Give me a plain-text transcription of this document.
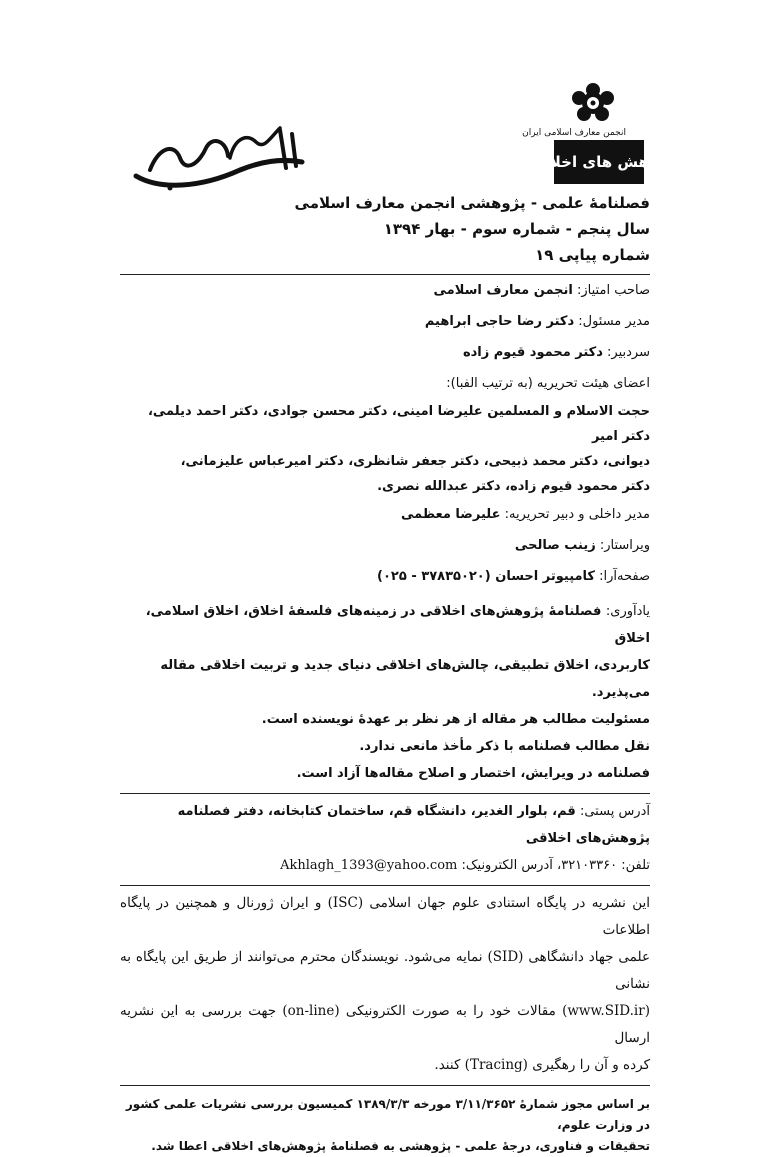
انجمن معارف اسلامی ایران
پژوهش های اخلاقی
بسم الله
فصلنامهٔ علمی - پژوهشی انجمن معارف اسلامی
سال پنجم - شماره سوم - بهار ۱۳۹۴
شماره پیاپی ۱۹
صاحب امتیاز: انجمن معارف اسلامی
مدیر مسئول: دکتر رضا حاجی ابراهیم
سردبیر: دکتر محمود قیوم زاده
اعضای هیئت تحریریه (به ترتیب الفبا):
حجت الاسلام و المسلمین علیرضا امینی، دکتر محسن جوادی، دکتر احمد دیلمی، دکتر امیر
دیوانی، دکتر محمد ذبیحی، دکتر جعفر شانظری، دکتر امیرعباس علیزمانی،
دکتر محمود قیوم زاده، دکتر عبدالله نصری.
مدیر داخلی و دبیر تحریریه: علیرضا معظمی
ویراستار: زینب صالحی
صفحه‌آرا: کامپیوتر احسان (۳۷۸۳۵۰۲۰ - ۰۲۵)
یادآوری: فصلنامهٔ پژوهش‌های اخلاقی در زمینه‌های فلسفهٔ اخلاق، اخلاق اسلامی، اخلاق
کاربردی، اخلاق تطبیقی، چالش‌های اخلاقی دنیای جدید و تربیت اخلاقی مقاله می‌پذیرد.
مسئولیت مطالب هر مقاله از هر نظر بر عهدهٔ نویسنده است.
نقل مطالب فصلنامه با ذکر مأخذ مانعی ندارد.
فصلنامه در ویرایش، اختصار و اصلاح مقاله‌ها آزاد است.
آدرس پستی: قم، بلوار الغدیر، دانشگاه قم، ساختمان کتابخانه، دفتر فصلنامه پژوهش‌های اخلاقی
تلفن: ۳۲۱۰۳۳۶۰، آدرس الکترونیک: Akhlagh_1393@yahoo.com
این نشریه در پایگاه استنادی علوم جهان اسلامی (ISC) و ایران ژورنال و همچنین در پایگاه اطلاعات
علمی جهاد دانشگاهی (SID) نمایه می‌شود. نویسندگان محترم می‌توانند از طریق این پایگاه به نشانی
(www.SID.ir) مقالات خود را به صورت الکترونیکی (on-line) جهت بررسی به این نشریه ارسال
کرده و آن را رهگیری (Tracing) کنند.
بر اساس مجوز شمارهٔ ۳/۱۱/۳۶۵۲ مورخه ۱۳۸۹/۳/۳ کمیسیون بررسی نشریات علمی کشور در وزارت علوم،
تحقیقات و فناوری، درجهٔ علمی - پژوهشی به فصلنامهٔ پژوهش‌های اخلاقی اعطا شد.
